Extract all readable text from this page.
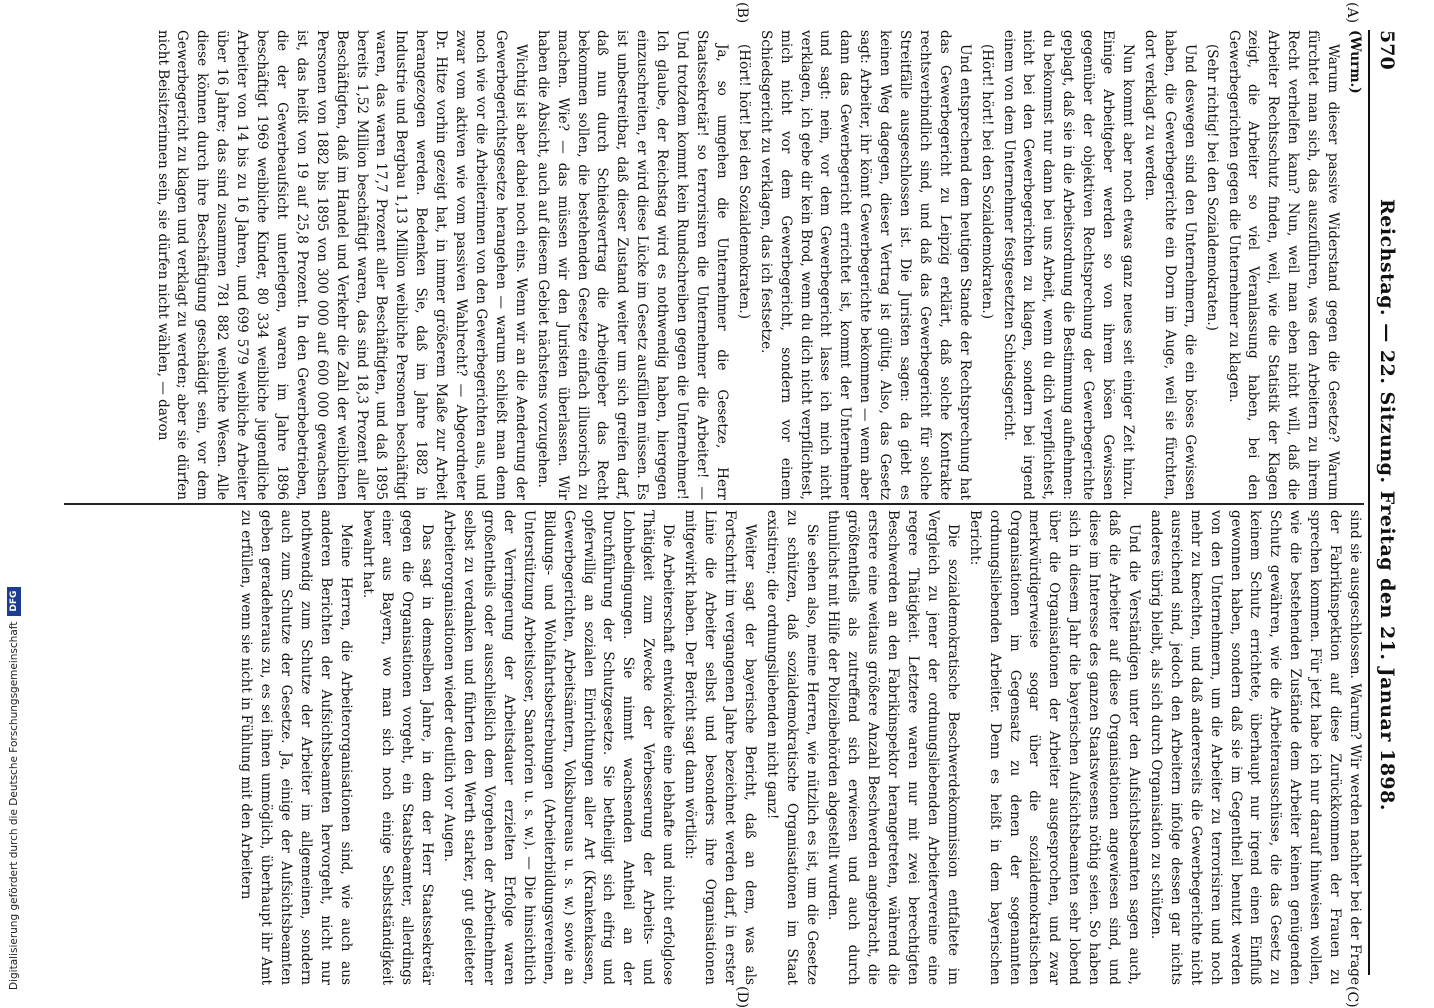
570
Reichstag. — 22. Sitzung. Freitag den 21. Januar 1898.
(A)
(B)
(C)
(D)

(Wurm.)

Warum dieser passive Widerstand gegen die Gesetze? Warum fürchtet man sich, das auszuführen, was den Arbeitern zu ihrem Recht verhelfen kann? Nun, weil man eben nicht will, daß die Arbeiter Rechtsschutz finden, weil, wie die Statistik der Klagen zeigt, die Arbeiter so viel Veranlassung haben, bei den Gewerbegerichten gegen die Unternehmer zu klagen.

(Sehr richtig! bei den Sozialdemokraten.)

Und deswegen sind den Unternehmern, die ein böses Gewissen haben, die Gewerbegerichte ein Dorn im Auge, weil sie fürchten, dort verklagt zu werden.

Nun kommt aber noch etwas ganz neues seit einiger Zeit hinzu. Einige Arbeitgeber werden so von ihrem bösen Gewissen gegenüber der objektiven Rechtsprechung der Gewerbegerichte geplagt, daß sie in die Arbeitsordnung die Bestimmung aufnehmen: du bekommst nur dann bei uns Arbeit, wenn du dich verpflichtest, nicht bei den Gewerbegerichten zu klagen, sondern bei irgend einem von dem Unternehmer festgesetzten Schiedsgericht.

(Hört! hört! bei den Sozialdemokraten.)

Und entsprechend dem heutigen Stande der Rechtsprechung hat das Gewerbegericht zu Leipzig erklärt, daß solche Kontrakte rechtsverbindlich sind, und daß das Gewerbegericht für solche Streitfälle ausgeschlossen ist. Die Juristen sagen: da giebt es keinen Weg dagegen, dieser Vertrag ist gültig. Also, das Gesetz sagt: Arbeiter, ihr könnt Gewerbegerichte bekommen — wenn aber dann das Gewerbegericht errichtet ist, kommt der Unternehmer und sagt: nein, vor dem Gewerbegericht lasse ich mich nicht verklagen, ich gebe dir kein Brod, wenn du dich nicht verpflichtest, mich nicht vor dem Gewerbegericht, sondern vor einem Schiedsgericht zu verklagen, das ich festsetze.

(Hört! hört! bei den Sozialdemokraten.)

Ja, so umgehen die Unternehmer die Gesetze, Herr Staatssekretär! so terrorisiren die Unternehmer die Arbeiter! — Und trotzdem kommt kein Rundschreiben gegen die Unternehmer! Ich glaube, der Reichstag wird es nothwendig haben, hiergegen einzuschreiten, er wird diese Lücke im Gesetz ausfüllen müssen. Es ist unbestreitbar, daß dieser Zustand weiter um sich greifen darf, daß nun durch Schiedsvertrag die Arbeitgeber das Recht bekommen sollen, die bestehenden Gesetze einfach illusorisch zu machen. Wie? — das müssen wir den Juristen überlassen. Wir haben die Absicht, auch auf diesem Gebiet nächstens vorzugehen.

Wichtig ist aber dabei noch eins. Wenn wir an die Aenderung der Gewerbegerichtsgesetze herangehen — warum schließt man denn noch wie vor die Arbeiterinnen von den Gewerbegerichten aus, und zwar vom aktiven wie vom passiven Wahlrecht? — Abgeordneter Dr. Hitze vorhin gezeigt hat, in immer größerem Maße zur Arbeit herangezogen werden. Bedenken Sie, daß im Jahre 1882 in Industrie und Bergbau 1,13 Million weibliche Personen beschäftigt waren, das waren 17,7 Prozent aller Beschäftigten, und daß 1895 bereits 1,52 Million beschäftigt waren, das sind 18,3 Prozent aller Beschäftigten, daß im Handel und Verkehr die Zahl der weiblichen Personen von 1882 bis 1895 von 300 000 auf 600 000 gewachsen ist, das heißt von 19 auf 25,8 Prozent. In den Gewerbebetrieben, die der Gewerbeaufsicht unterlegen, waren im Jahre 1896 beschäftigt 1969 weibliche Kinder, 80 334 weibliche jugendliche Arbeiter von 14 bis zu 16 Jahren, und 699 579 weibliche Arbeiter über 16 Jahre; das sind zusammen 781 882 weibliche Wesen. Alle diese können durch ihre Beschäftigung geschädigt sein, vor dem Gewerbegericht zu klagen und verklagt zu werden; aber sie dürfen nicht Beisitzerinnen sein, sie dürfen nicht wählen, — davon

sind sie ausgeschlossen. Warum? Wir werden nachher bei der Frage der Fabrikinspektion auf diese Zurückkommen der Frauen zu sprechen kommen. Für jetzt habe ich nur darauf hinweisen wollen, wie die bestehenden Zustände dem Arbeiter keinen genügenden Schutz gewähren, wie die Arbeiterausschüsse, die das Gesetz zu keinem Schutz errichtete, überhaupt nur irgend einen Einfluß gewonnen haben, sondern daß sie im Gegentheil benutzt werden von den Unternehmern, um die Arbeiter zu terrorisiren und noch mehr zu knechten, und daß andererseits die Gewerbegerichte nicht ausreichend sind, jedoch den Arbeitern infolge dessen gar nichts anderes übrig bleibt, als sich durch Organisation zu schützen.

Und die Verständigen unter den Aufsichtsbeamten sagen auch, daß die Arbeiter auf diese Organisationen angewiesen sind, und diese im Interesse des ganzen Staatswesens nöthig seien. So haben sich in diesem Jahr die bayerischen Aufsichtsbeamten sehr lobend über die Organisationen der Arbeiter ausgesprochen, und zwar merkwürdigerweise sogar über die sozialdemokratischen Organisationen im Gegensatz zu denen der sogenannten ordnungsliebenden Arbeiter. Denn es heißt in dem bayerischen Bericht:

Die sozialdemokratische Beschwerdekommission entfaltete im Vergleich zu jener der ordnungsliebenden Arbeitervereine eine regere Thätigkeit. Letztere waren nur mit zwei berechtigten Beschwerden an den Fabrikinspektor herangetreten, während die erstere eine weitaus größere Anzahl Beschwerden angebracht, die größtentheils als zutreffend sich erwiesen und auch durch thunlichst mit Hilfe der Polizeibehörden abgestellt wurden.

Sie sehen also, meine Herren, wie nützlich es ist, um die Gesetze zu schützen, daß sozialdemokratische Organisationen im Staat existiren; die ordnungsliebenden nicht ganz!

Weiter sagt der bayerische Bericht, daß an dem, was als Fortschritt im vergangenen Jahre bezeichnet werden darf, in erster Linie die Arbeiter selbst und besonders ihre Organisationen mitgewirkt haben. Der Bericht sagt dann wörtlich:

Die Arbeiterschaft entwickelte eine lebhafte und nicht erfolglose Thätigkeit zum Zwecke der Verbesserung der Arbeits- und Lohnbedingungen. Sie nimmt wachsenden Antheil an der Durchführung der Schutzgesetze. Sie betheiligt sich eifrig und opferwillig an sozialen Einrichtungen aller Art (Krankenkassen, Gewerbegerichten, Arbeitsämtern, Volksbureaus u. s. w.) sowie an Bildungs- und Wohlfahrtsbestrebungen (Arbeiterbildungsvereinen, Unterstützung Arbeitsloser, Sanatorien u. s. w.). — Die hinsichtlich der Verringerung der Arbeitsdauer erzielten Erfolge waren großentheils oder ausschließlich dem Vorgehen der Arbeitnehmer selbst zu verdanken und führten den Werth starker, gut geleiteter Arbeiterorganisationen wieder deutlich vor Augen.

Das sagt in demselben Jahre, in dem der Herr Staatssekretär gegen die Organisationen vorgeht, ein Staatsbeamter, allerdings einer aus Bayern, wo man sich noch einige Selbstständigkeit bewahrt hat.

Meine Herren, die Arbeiterorganisationen sind, wie auch aus anderen Berichten der Aufsichtsbeamten hervorgeht, nicht nur nothwendig zum Schutze der Arbeiter im allgemeinen, sondern auch zum Schutze der Gesetze. Ja, einige der Aufsichtsbeamten geben geradeheraus zu, es sei ihnen unmöglich, überhaupt ihr Amt zu erfüllen, wenn sie nicht in Fühlung mit den Arbeitern

Digitalisierung gefördert durch die Deutsche Forschungsgemeinschaft
DFG
